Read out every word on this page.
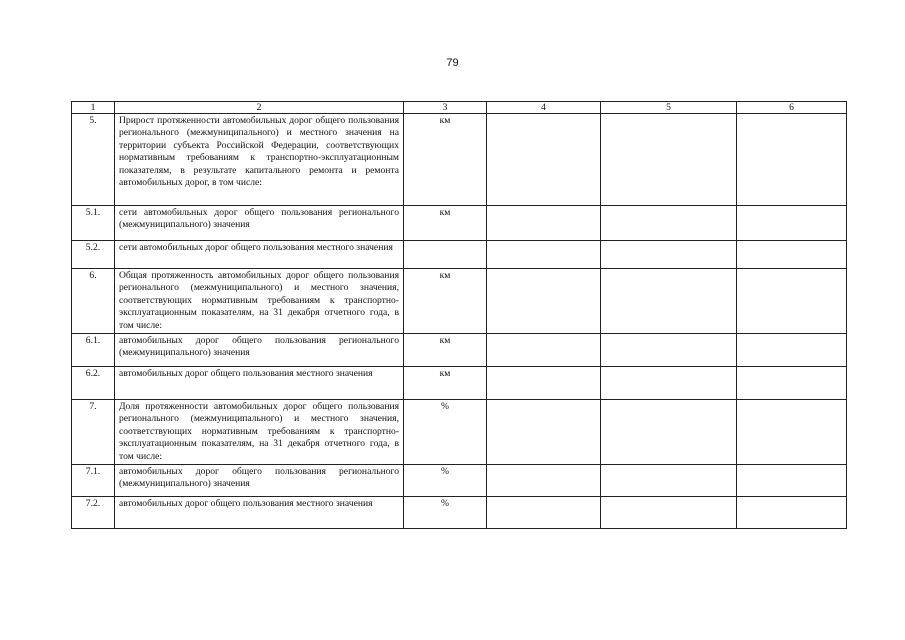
79
1	2	3	4	5	6
5.	Прирост протяженности автомобильных дорог общего пользования регионального (межмуниципального) и местного значения на территории субъекта Российской Федерации, соответствующих нормативным требованиям к транспортно-эксплуатационным показателям, в результате капитального ремонта и ремонта автомобильных дорог, в том числе:	км			
5.1.	сети автомобильных дорог общего пользования регионального (межмуниципального) значения	км			
5.2.	сети автомобильных дорог общего пользования местного значения				
6.	Общая протяженность автомобильных дорог общего пользования регионального (межмуниципального) и местного значения, соответствующих нормативным требованиям к транспортно-эксплуатационным показателям, на 31 декабря отчетного года, в том числе:	км			
6.1.	автомобильных дорог общего пользования регионального (межмуниципального) значения	км			
6.2.	автомобильных дорог общего пользования местного значения	км			
7.	Доля протяженности автомобильных дорог общего пользования регионального (межмуниципального) и местного значения, соответствующих нормативным требованиям к транспортно-эксплуатационным показателям, на 31 декабря отчетного года, в том числе:	%			
7.1.	автомобильных дорог общего пользования регионального (межмуниципального) значения	%			
7.2.	автомобильных дорог общего пользования местного значения	%			
